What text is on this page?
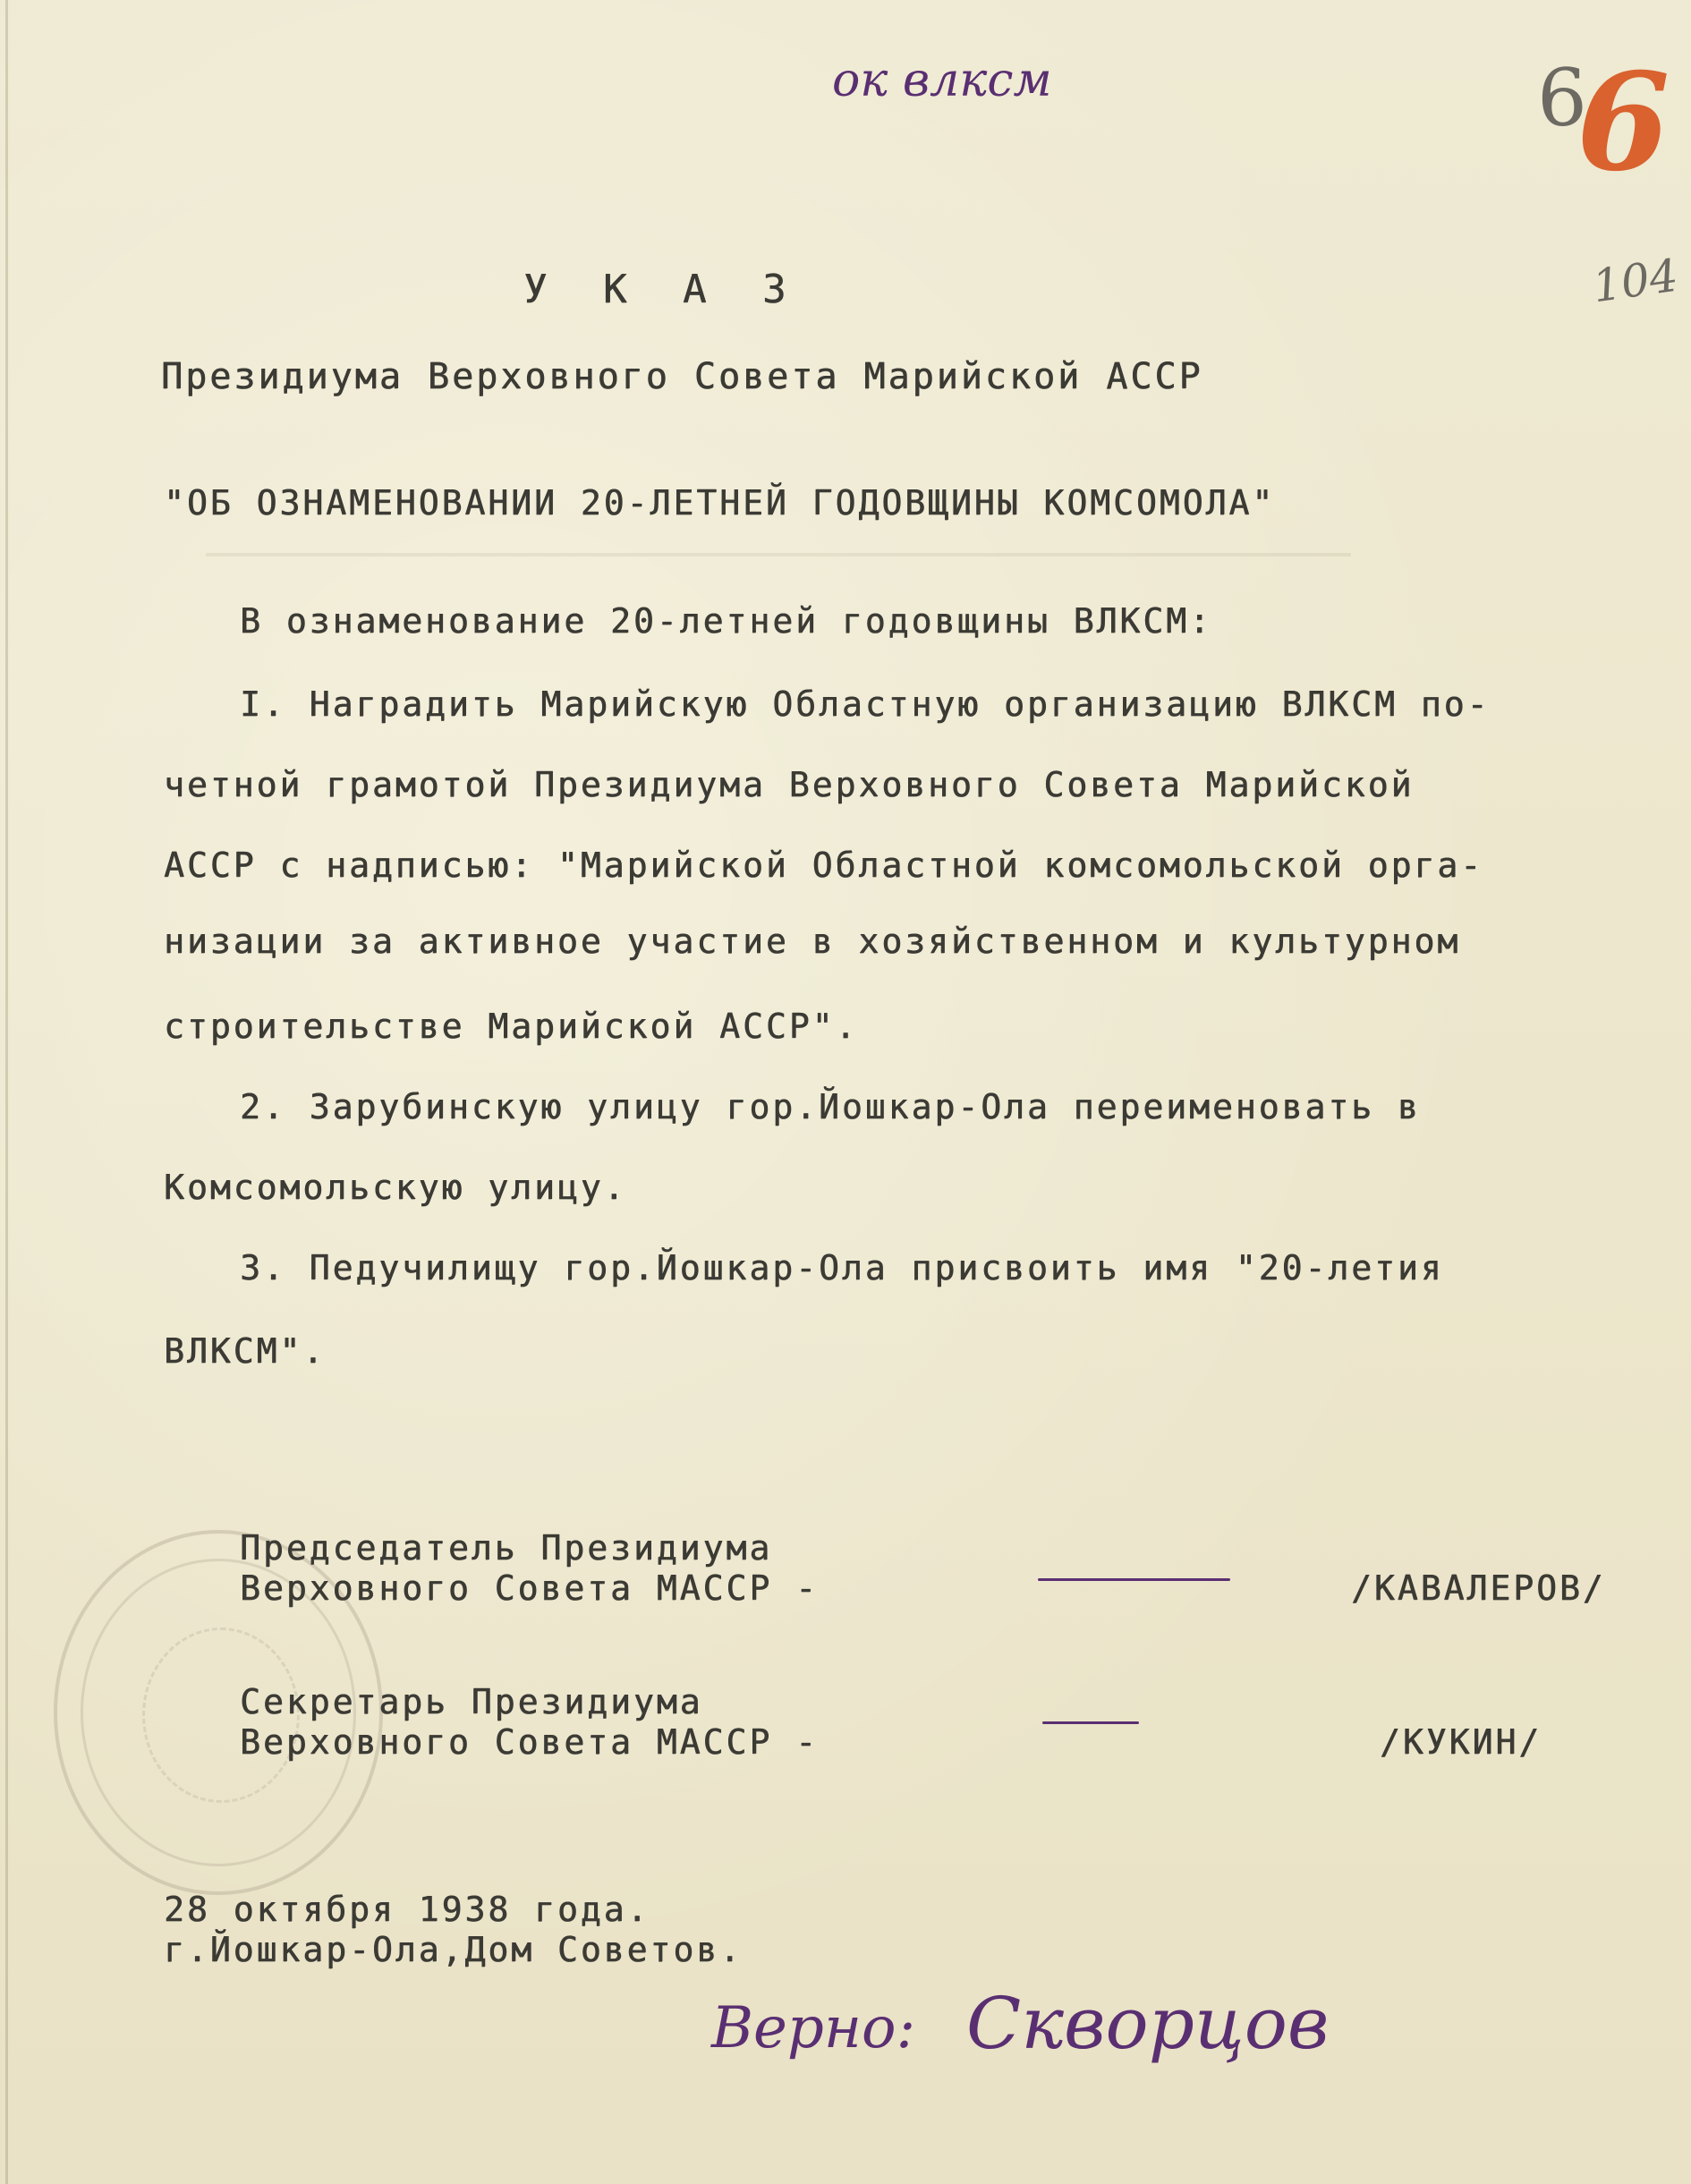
ок влксм	6
6
104
У К А З
Президиума Верховного Совета Марийской АССР
"ОБ ОЗНАМЕНОВАНИИ 20-ЛЕТНЕЙ ГОДОВЩИНЫ КОМСОМОЛА"
В ознаменование 20-летней годовщины ВЛКСМ:
I. Наградить Марийскую Областную организацию ВЛКСМ по-
четной грамотой Президиума Верховного Совета Марийской
АССР с надписью: "Марийской Областной комсомольской орга-
низации за активное участие в хозяйственном и культурном
строительстве Марийской АССР".
2. Зарубинскую улицу гор.Йошкар-Ола переименовать в
Комсомольскую улицу.
3. Педучилищу гор.Йошкар-Ола присвоить имя "20-летия
ВЛКСМ".
Председатель Президиума
Верховного Совета МАССР -	/КАВАЛЕРОВ/
Секретарь Президиума
Верховного Совета МАССР -	/КУКИН/
28 октября 1938 года.
г.Йошкар-Ола,Дом Советов.
Верно: Скворцов
